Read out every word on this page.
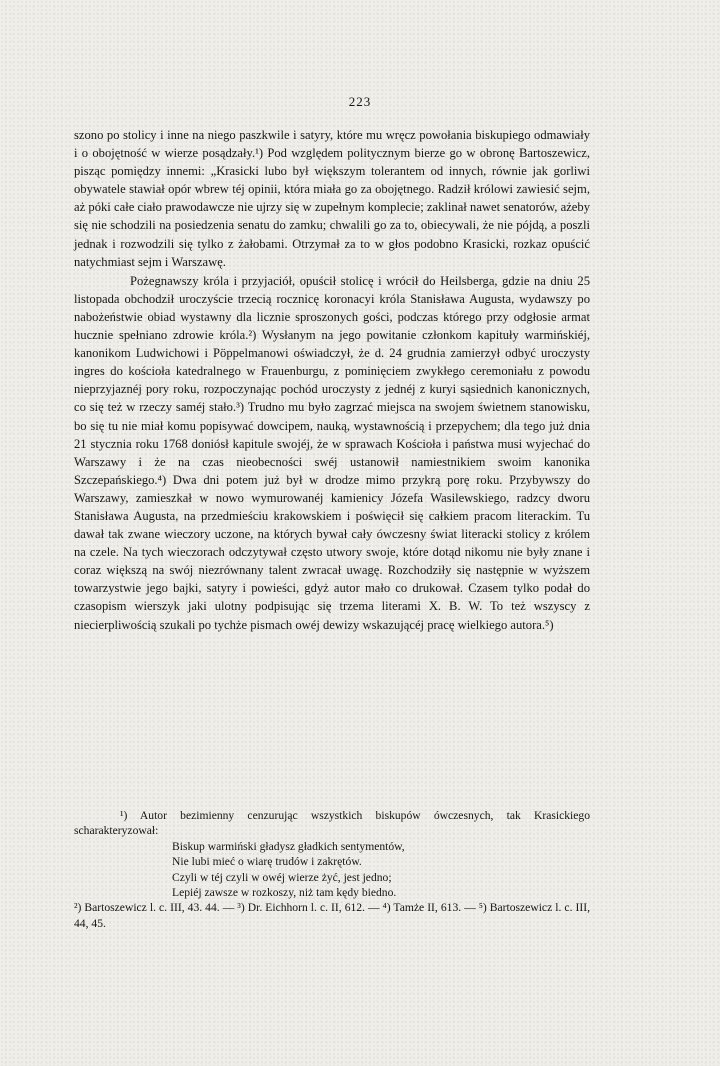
223

szono po stolicy i inne na niego paszkwile i satyry, które mu wręcz powołania biskupiego odmawiały i o obojętność w wierze posądzały.¹) Pod względem politycznym bierze go w obronę Bartoszewicz, pisząc pomiędzy innemi: „Krasicki lubo był większym tolerantem od innych, równie jak gorliwi obywatele stawiał opór wbrew téj opinii, która miała go za obojętnego. Radził królowi zawiesić sejm, aż póki całe ciało prawodawcze nie ujrzy się w zupełnym komplecie; zaklinał nawet senatorów, ażeby się nie schodzili na posiedzenia senatu do zamku; chwalili go za to, obiecywali, że nie pójdą, a poszli jednak i rozwodzili się tylko z żałobami. Otrzymał za to w głos podobno Krasicki, rozkaz opuścić natychmiast sejm i Warszawę.

Pożegnawszy króla i przyjaciół, opuścił stolicę i wrócił do Heilsberga, gdzie na dniu 25 listopada obchodził uroczyście trzecią rocznicę koronacyi króla Stanisława Augusta, wydawszy po nabożeństwie obiad wystawny dla licznie sproszonych gości, podczas którego przy odgłosie armat hucznie spełniano zdrowie króla.²) Wysłanym na jego powitanie członkom kapituły warmińskiéj, kanonikom Ludwichowi i Pöppelmanowi oświadczył, że d. 24 grudnia zamierzył odbyć uroczysty ingres do kościoła katedralnego w Frauenburgu, z pominięciem zwykłego ceremoniału z powodu nieprzyjaznéj pory roku, rozpoczynając pochód uroczysty z jednéj z kuryi sąsiednich kanonicznych, co się też w rzeczy saméj stało.³) Trudno mu było zagrzać miejsca na swojem świetnem stanowisku, bo się tu nie miał komu popisywać dowcipem, nauką, wystawnością i przepychem; dla tego już dnia 21 stycznia roku 1768 doniósł kapitule swojéj, że w sprawach Kościoła i państwa musi wyjechać do Warszawy i że na czas nieobecności swéj ustanowił namiestnikiem swoim kanonika Szczepańskiego.⁴) Dwa dni potem już był w drodze mimo przykrą porę roku. Przybywszy do Warszawy, zamieszkał w nowo wymurowanéj kamienicy Józefa Wasilewskiego, radzcy dworu Stanisława Augusta, na przedmieściu krakowskiem i poświęcił się całkiem pracom literackim. Tu dawał tak zwane wieczory uczone, na których bywał cały ówczesny świat literacki stolicy z królem na czele. Na tych wieczorach odczytywał często utwory swoje, które dotąd nikomu nie były znane i coraz większą na swój niezrównany talent zwracał uwagę. Rozchodziły się następnie w wyższem towarzystwie jego bajki, satyry i powieści, gdyż autor mało co drukował. Czasem tylko podał do czasopism wierszyk jaki ulotny podpisując się trzema literami X. B. W. To też wszyscy z niecierpliwością szukali po tychże pismach owéj dewizy wskazującéj pracę wielkiego autora.⁵)

¹) Autor bezimienny cenzurując wszystkich biskupów ówczesnych, tak Krasickiego scharakteryzował:

Biskup warmiński gładysz gładkich sentymentów,
Nie lubi mieć o wiarę trudów i zakrętów.
Czyli w téj czyli w owéj wierze żyć, jest jedno;
Lepiéj zawsze w rozkoszy, niż tam kędy biedno.

²) Bartoszewicz l. c. III, 43. 44. — ³) Dr. Eichhorn l. c. II, 612. — ⁴) Tamże II, 613. — ⁵) Bartoszewicz l. c. III, 44, 45.
